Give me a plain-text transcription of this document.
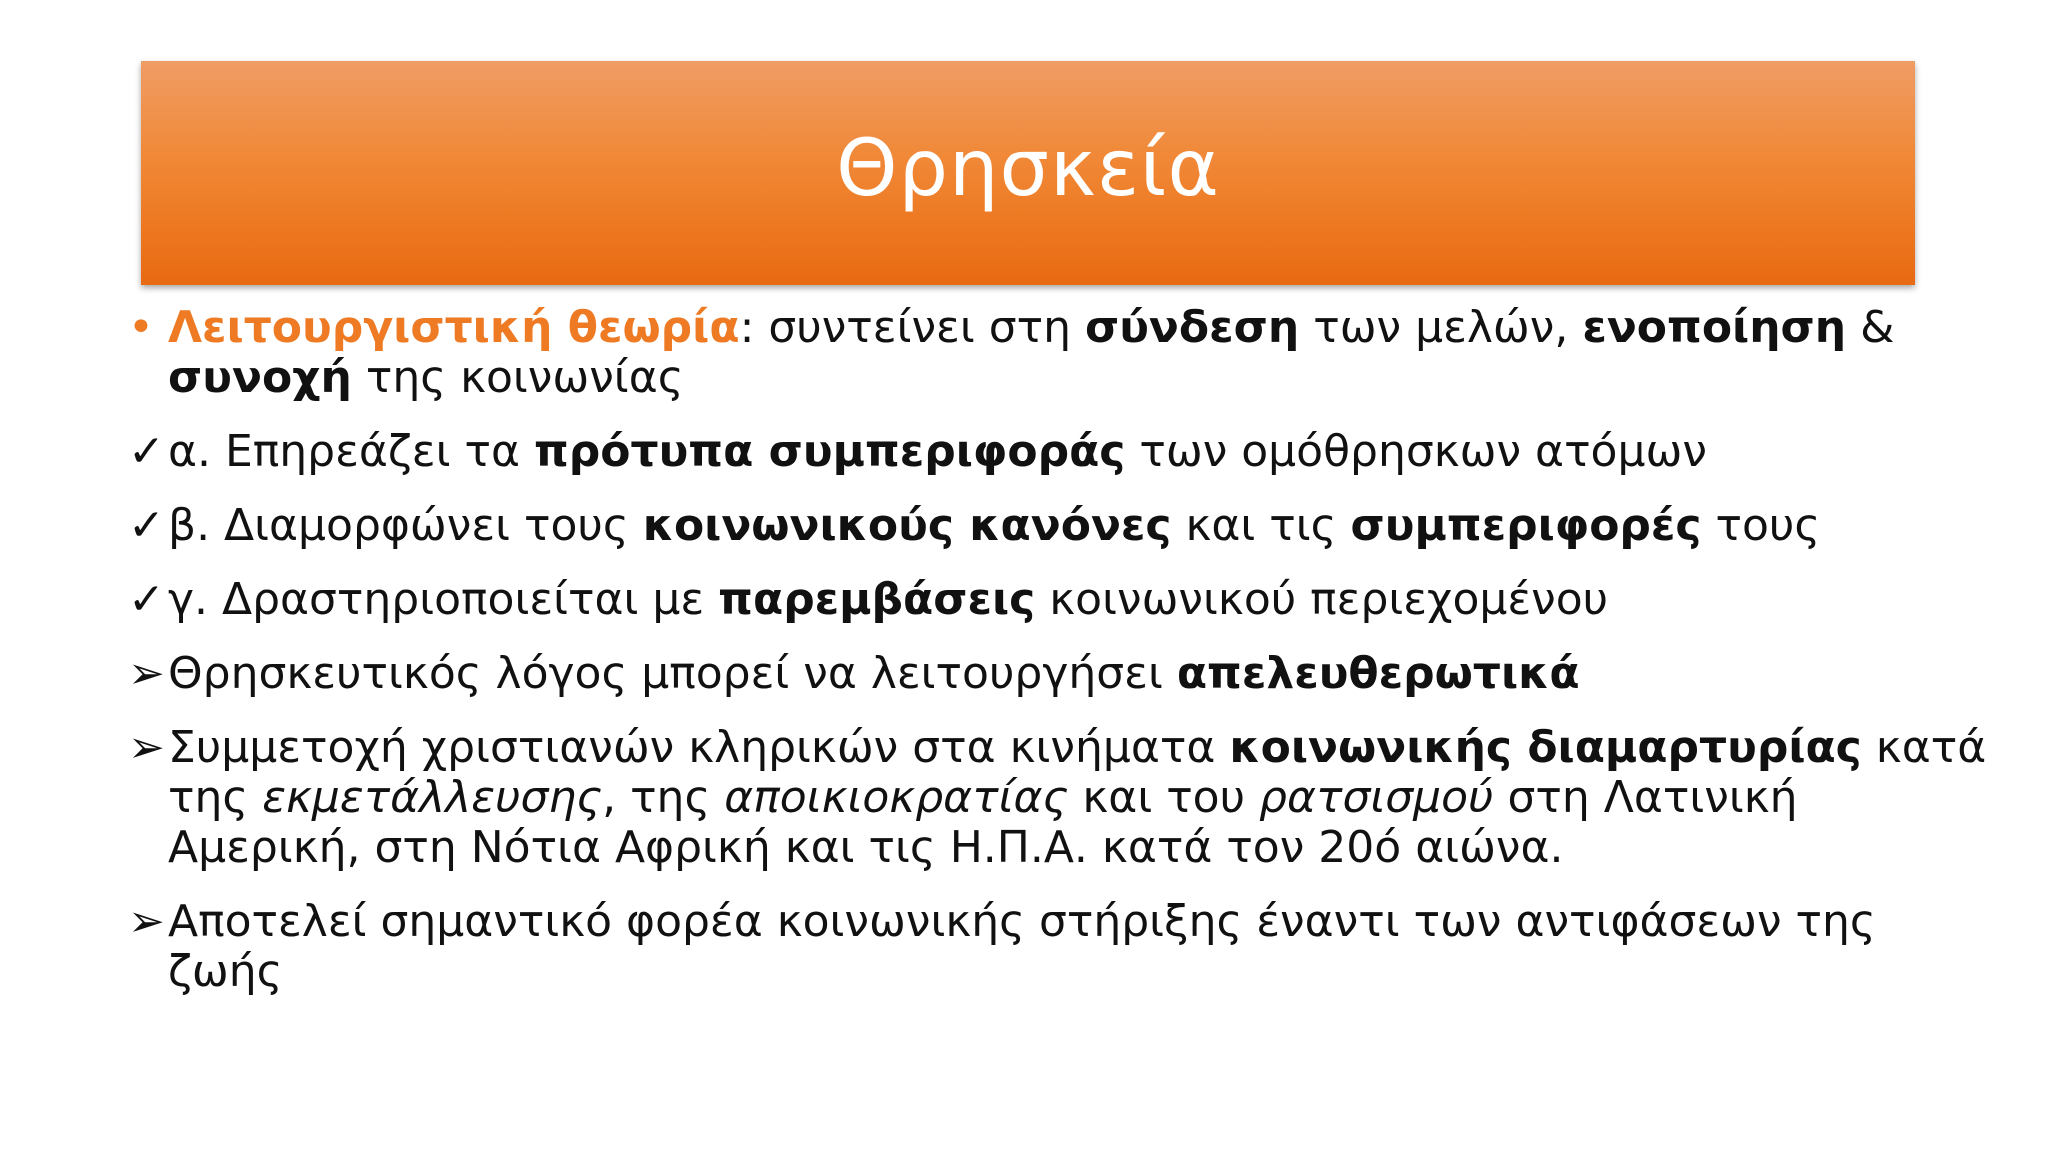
Θρησκεία
• Λειτουργιστική θεωρία: συντείνει στη σύνδεση των μελών, ενοποίηση & συνοχή της κοινωνίας
✓ α. Επηρεάζει τα πρότυπα συμπεριφοράς των ομόθρησκων ατόμων
✓ β. Διαμορφώνει τους κοινωνικούς κανόνες και τις συμπεριφορές τους
✓ γ. Δραστηριοποιείται με παρεμβάσεις κοινωνικού περιεχομένου
➢ Θρησκευτικός λόγος μπορεί να λειτουργήσει απελευθερωτικά
➢ Συμμετοχή χριστιανών κληρικών στα κινήματα κοινωνικής διαμαρτυρίας κατά της εκμετάλλευσης, της αποικιοκρατίας και του ρατσισμού στη Λατινική Αμερική, στη Νότια Αφρική και τις Η.Π.Α. κατά τον 20ό αιώνα.
➢ Αποτελεί σημαντικό φορέα κοινωνικής στήριξης έναντι των αντιφάσεων της ζωής
